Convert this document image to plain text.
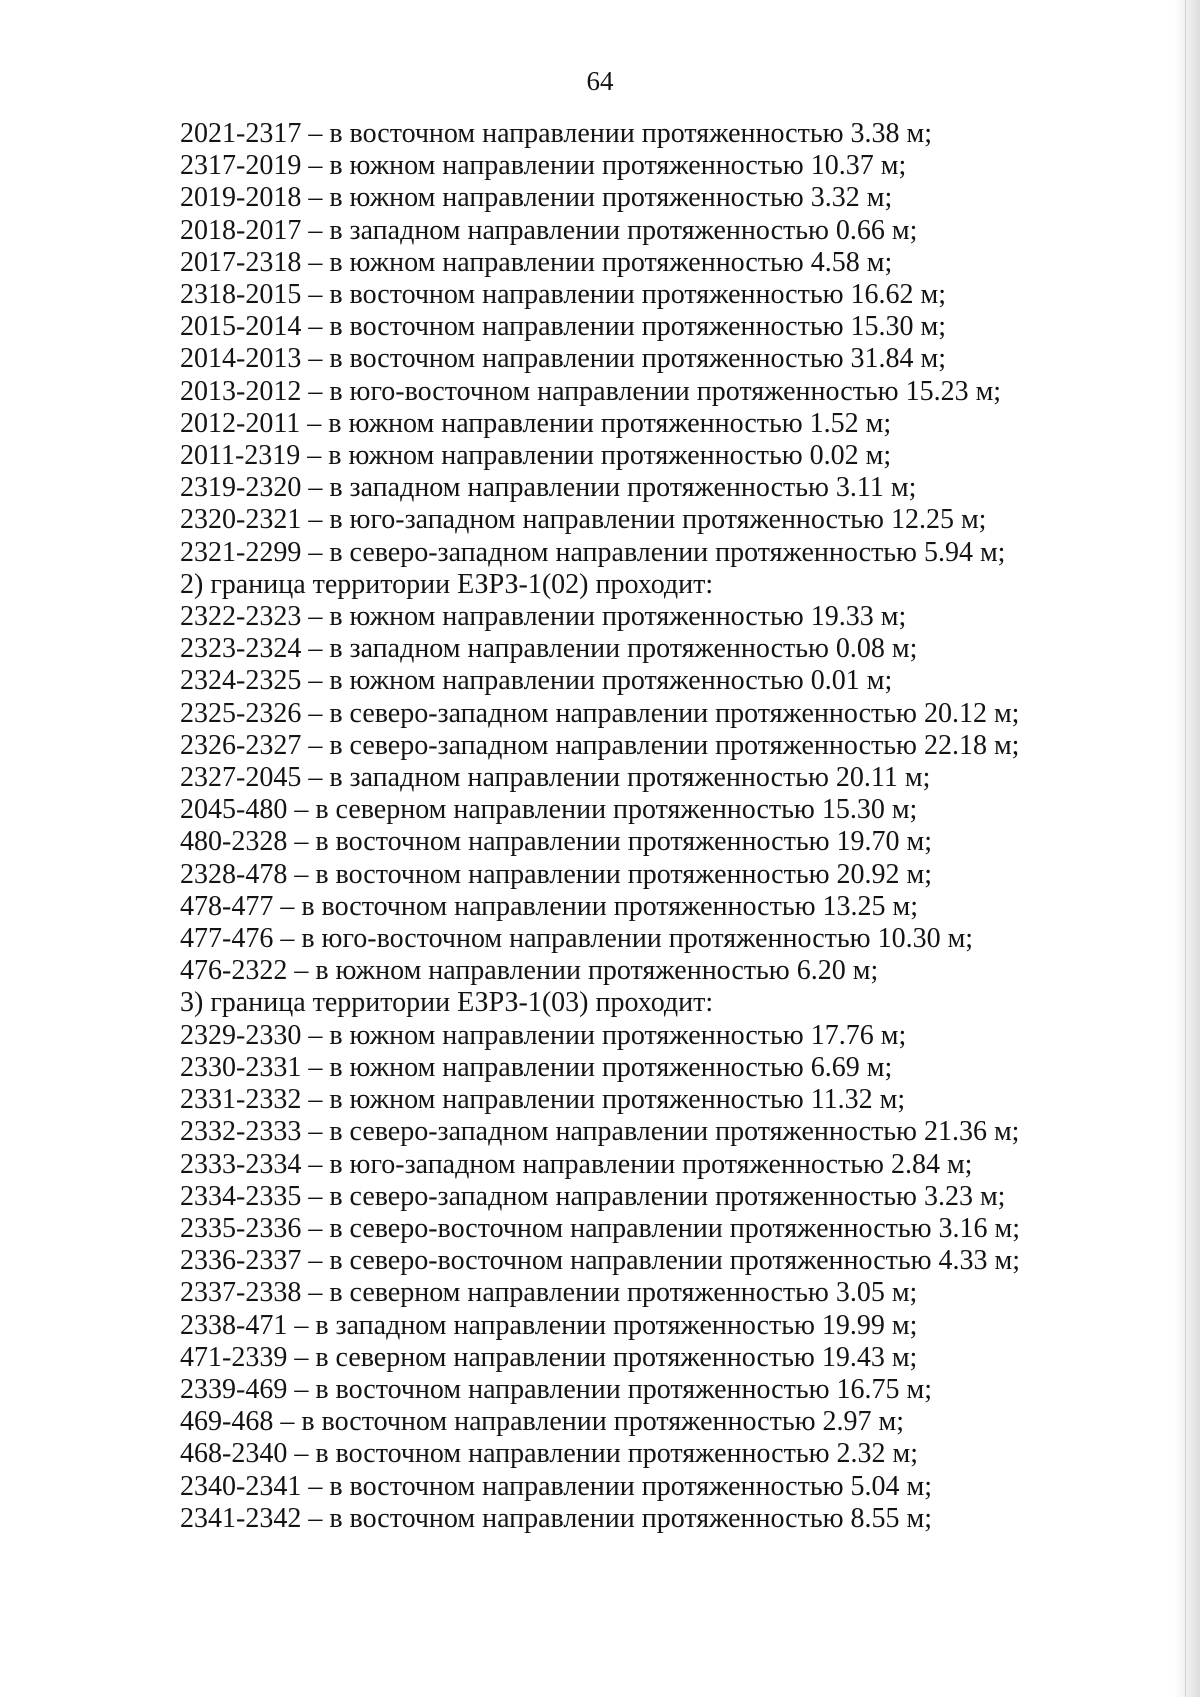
64
2021-2317 – в восточном направлении протяженностью 3.38 м;
2317-2019 – в южном направлении протяженностью 10.37 м;
2019-2018 – в южном направлении протяженностью 3.32 м;
2018-2017 – в западном направлении протяженностью 0.66 м;
2017-2318 – в южном направлении протяженностью 4.58 м;
2318-2015 – в восточном направлении протяженностью 16.62 м;
2015-2014 – в восточном направлении протяженностью 15.30 м;
2014-2013 – в восточном направлении протяженностью 31.84 м;
2013-2012 – в юго-восточном направлении протяженностью 15.23 м;
2012-2011 – в южном направлении протяженностью 1.52 м;
2011-2319 – в южном направлении протяженностью 0.02 м;
2319-2320 – в западном направлении протяженностью 3.11 м;
2320-2321 – в юго-западном направлении протяженностью 12.25 м;
2321-2299 – в северо-западном направлении протяженностью 5.94 м;
2) граница территории ЕЗРЗ-1(02) проходит:
2322-2323 – в южном направлении протяженностью 19.33 м;
2323-2324 – в западном направлении протяженностью 0.08 м;
2324-2325 – в южном направлении протяженностью 0.01 м;
2325-2326 – в северо-западном направлении протяженностью 20.12 м;
2326-2327 – в северо-западном направлении протяженностью 22.18 м;
2327-2045 – в западном направлении протяженностью 20.11 м;
2045-480 – в северном направлении протяженностью 15.30 м;
480-2328 – в восточном направлении протяженностью 19.70 м;
2328-478 – в восточном направлении протяженностью 20.92 м;
478-477 – в восточном направлении протяженностью 13.25 м;
477-476 – в юго-восточном направлении протяженностью 10.30 м;
476-2322 – в южном направлении протяженностью 6.20 м;
3) граница территории ЕЗРЗ-1(03) проходит:
2329-2330 – в южном направлении протяженностью 17.76 м;
2330-2331 – в южном направлении протяженностью 6.69 м;
2331-2332 – в южном направлении протяженностью 11.32 м;
2332-2333 – в северо-западном направлении протяженностью 21.36 м;
2333-2334 – в юго-западном направлении протяженностью 2.84 м;
2334-2335 – в северо-западном направлении протяженностью 3.23 м;
2335-2336 – в северо-восточном направлении протяженностью 3.16 м;
2336-2337 – в северо-восточном направлении протяженностью 4.33 м;
2337-2338 – в северном направлении протяженностью 3.05 м;
2338-471 – в западном направлении протяженностью 19.99 м;
471-2339 – в северном направлении протяженностью 19.43 м;
2339-469 – в восточном направлении протяженностью 16.75 м;
469-468 – в восточном направлении протяженностью 2.97 м;
468-2340 – в восточном направлении протяженностью 2.32 м;
2340-2341 – в восточном направлении протяженностью 5.04 м;
2341-2342 – в восточном направлении протяженностью 8.55 м;
